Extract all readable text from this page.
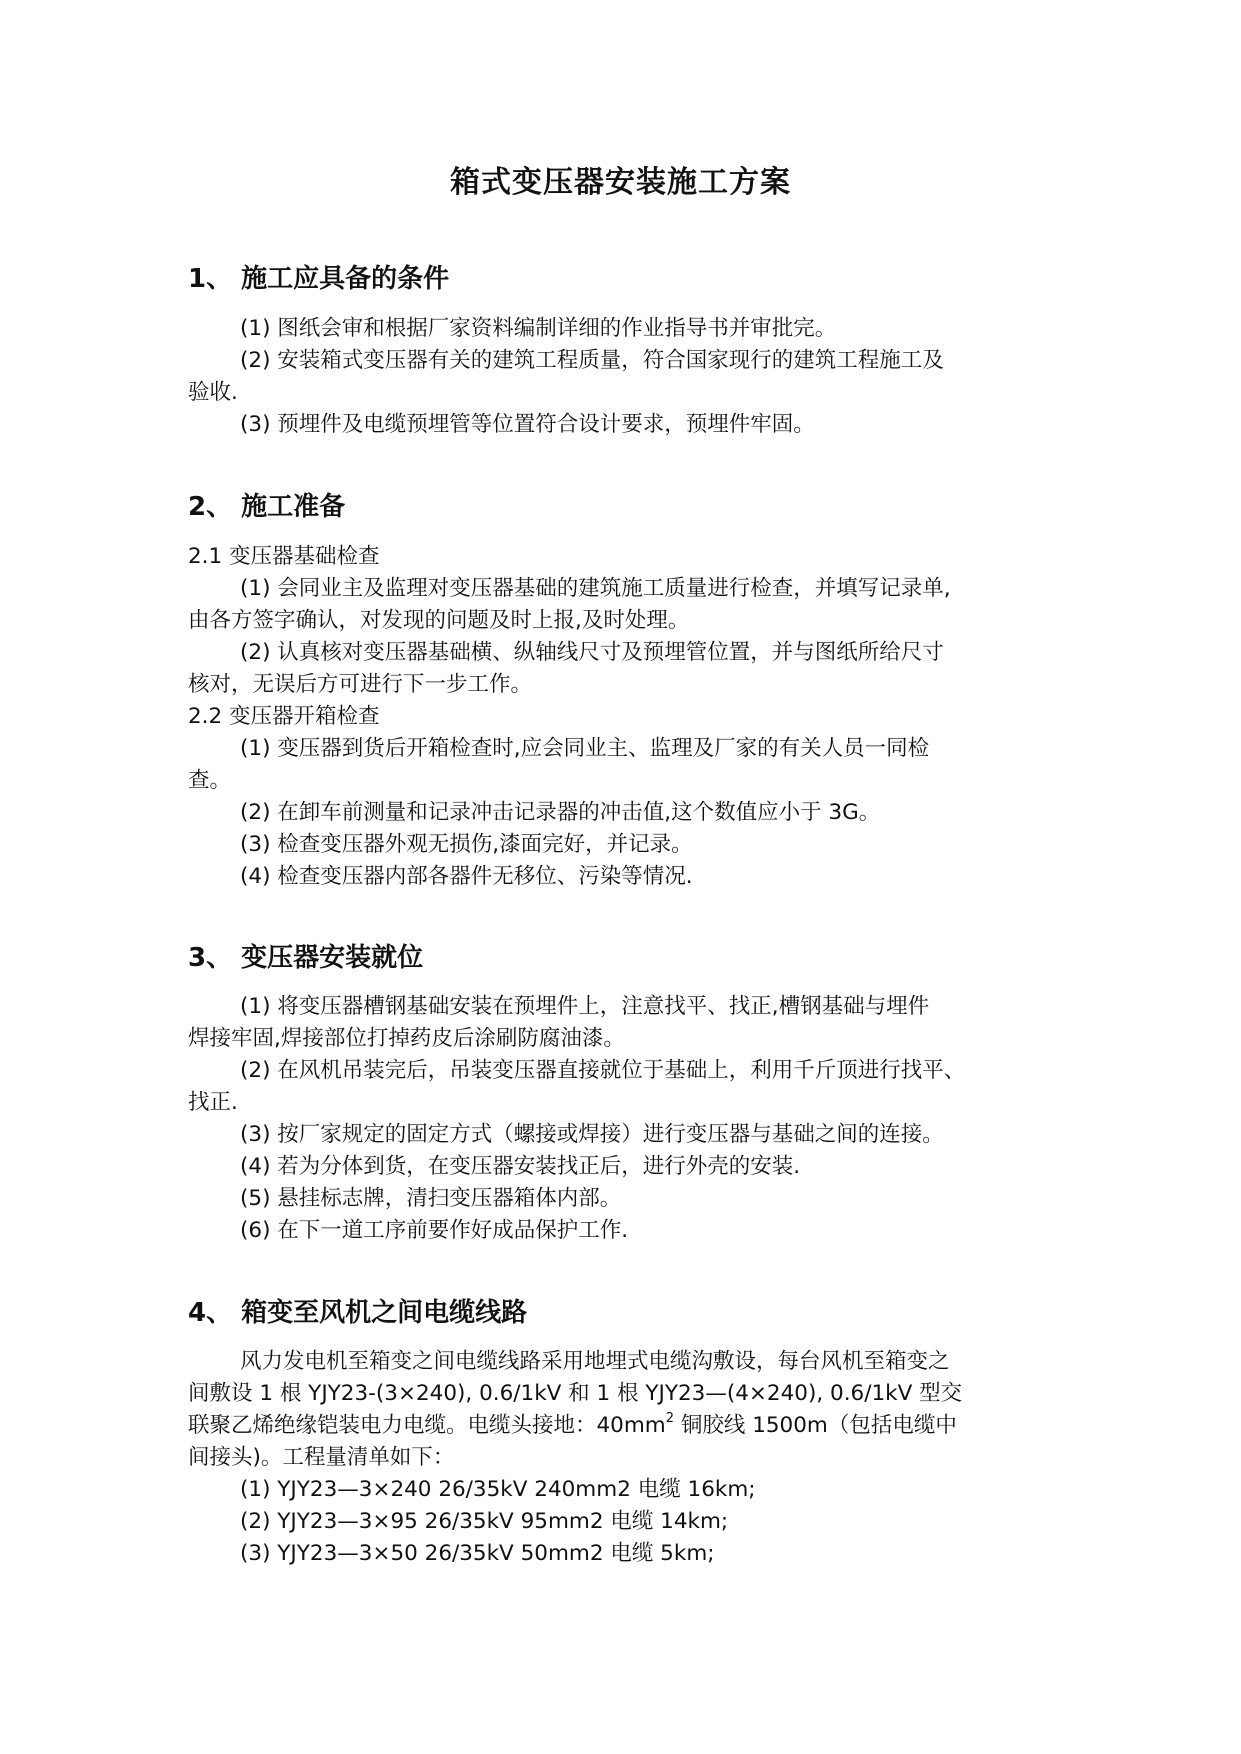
箱式变压器安装施工方案
1、 施工应具备的条件
(1) 图纸会审和根据厂家资料编制详细的作业指导书并审批完。
(2) 安装箱式变压器有关的建筑工程质量，符合国家现行的建筑工程施工及
验收.
(3) 预埋件及电缆预埋管等位置符合设计要求，预埋件牢固。
2、 施工准备
2.1 变压器基础检查
(1) 会同业主及监理对变压器基础的建筑施工质量进行检查，并填写记录单,
由各方签字确认，对发现的问题及时上报,及时处理。
(2) 认真核对变压器基础横、纵轴线尺寸及预埋管位置，并与图纸所给尺寸
核对，无误后方可进行下一步工作。
2.2 变压器开箱检查
(1) 变压器到货后开箱检查时,应会同业主、监理及厂家的有关人员一同检
查。
(2) 在卸车前测量和记录冲击记录器的冲击值,这个数值应小于 3G。
(3) 检查变压器外观无损伤,漆面完好，并记录。
(4) 检查变压器内部各器件无移位、污染等情况.
3、 变压器安装就位
(1) 将变压器槽钢基础安装在预埋件上，注意找平、找正,槽钢基础与埋件
焊接牢固,焊接部位打掉药皮后涂刷防腐油漆。
(2) 在风机吊装完后，吊装变压器直接就位于基础上，利用千斤顶进行找平、
找正.
(3) 按厂家规定的固定方式（螺接或焊接）进行变压器与基础之间的连接。
(4) 若为分体到货，在变压器安装找正后，进行外壳的安装.
(5) 悬挂标志牌，清扫变压器箱体内部。
(6) 在下一道工序前要作好成品保护工作.
4、 箱变至风机之间电缆线路
风力发电机至箱变之间电缆线路采用地埋式电缆沟敷设，每台风机至箱变之
间敷设 1 根 YJY23-(3×240), 0.6/1kV 和 1 根 YJY23—(4×240), 0.6/1kV 型交
联聚乙烯绝缘铠装电力电缆。电缆头接地：$40mm^2$ 铜胶线 1500m（包括电缆中
间接头)。工程量清单如下：
(1) YJY23—3×240 26/35kV 240mm2 电缆 16km;
(2) YJY23—3×95 26/35kV 95mm2 电缆 14km;
(3) YJY23—3×50 26/35kV 50mm2 电缆 5km;
